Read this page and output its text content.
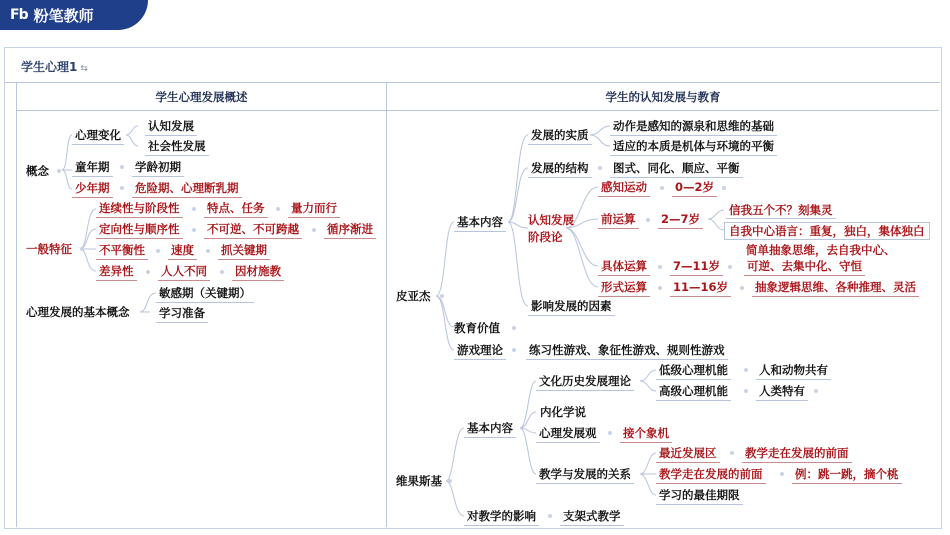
Fb 粉笔教师
学生心理1 ⇆
学生心理发展概述	学生的认知发展与教育
概念
心理变化
认知发展
社会性发展
童年期 学龄初期
少年期 危险期、心理断乳期
一般特征
连续性与阶段性 特点、任务 量力而行
定向性与顺序性 不可逆、不可跨越 循序渐进
不平衡性 速度 抓关键期
差异性 人人不同 因材施教
心理发展的基本概念
敏感期（关键期）
学习准备
皮亚杰
基本内容
发展的实质
动作是感知的源泉和思维的基础
适应的本质是机体与环境的平衡
发展的结构 图式、同化、顺应、平衡
认知发展
阶段论
感知运动 0—2岁
前运算 2—7岁
信我五个不？刻集灵
自我中心语言：重复，独白，集体独白
简单抽象思维，去自我中心、
可逆、去集中化、守恒
具体运算 7—11岁
形式运算 11—16岁 抽象逻辑思维、各种推理、灵活
影响发展的因素
教育价值
游戏理论 练习性游戏、象征性游戏、规则性游戏
维果斯基
基本内容
文化历史发展理论
低级心理机能	人和动物共有
高级心理机能	人类特有
内化学说
心理发展观 接个象机
教学与发展的关系
最近发展区 教学走在发展的前面
教学走在发展的前面	例：跳一跳，摘个桃
学习的最佳期限
对教学的影响 支架式教学
